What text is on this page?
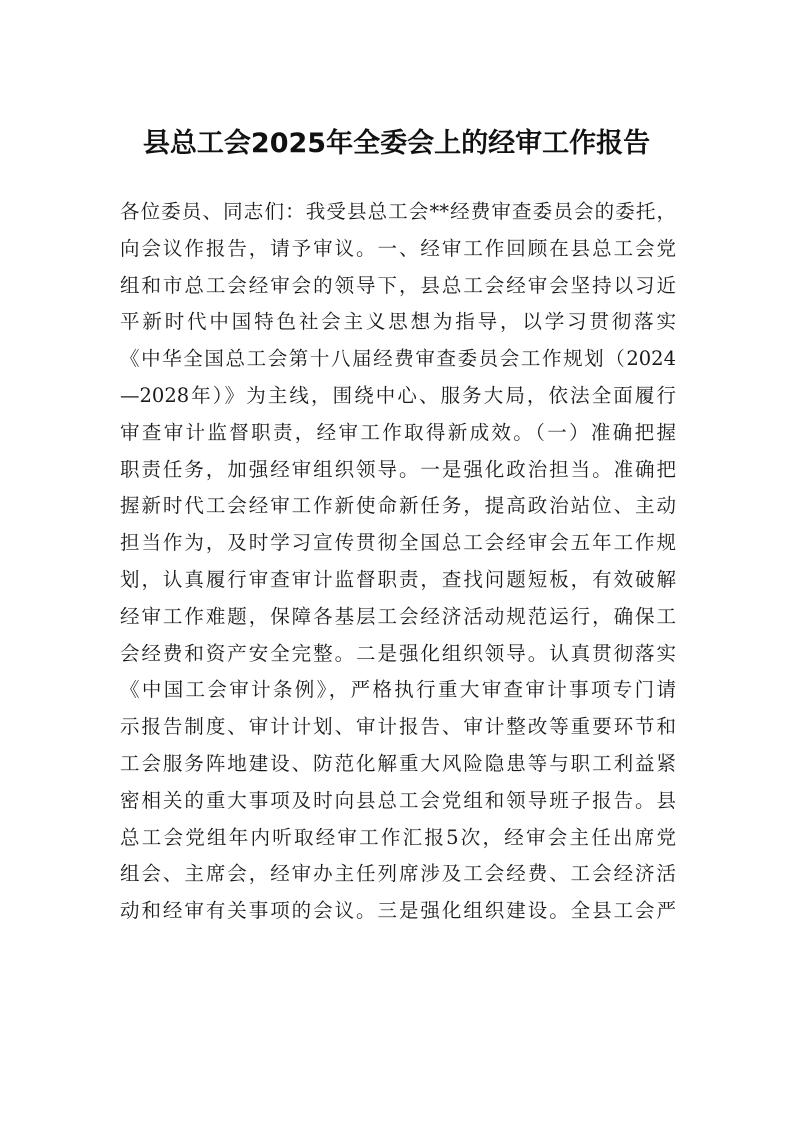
县总工会2025年全委会上的经审工作报告
各位委员、同志们：我受县总工会**经费审查委员会的委托，
向会议作报告，请予审议。一、经审工作回顾在县总工会党
组和市总工会经审会的领导下，县总工会经审会坚持以习近
平新时代中国特色社会主义思想为指导，以学习贯彻落实
《中华全国总工会第十八届经费审查委员会工作规划（2024
—2028年）》为主线，围绕中心、服务大局，依法全面履行
审查审计监督职责，经审工作取得新成效。（一）准确把握
职责任务，加强经审组织领导。一是强化政治担当。准确把
握新时代工会经审工作新使命新任务，提高政治站位、主动
担当作为，及时学习宣传贯彻全国总工会经审会五年工作规
划，认真履行审查审计监督职责，查找问题短板，有效破解
经审工作难题，保障各基层工会经济活动规范运行，确保工
会经费和资产安全完整。二是强化组织领导。认真贯彻落实
《中国工会审计条例》，严格执行重大审查审计事项专门请
示报告制度、审计计划、审计报告、审计整改等重要环节和
工会服务阵地建设、防范化解重大风险隐患等与职工利益紧
密相关的重大事项及时向县总工会党组和领导班子报告。县
总工会党组年内听取经审工作汇报5次，经审会主任出席党
组会、主席会，经审办主任列席涉及工会经费、工会经济活
动和经审有关事项的会议。三是强化组织建设。全县工会严
